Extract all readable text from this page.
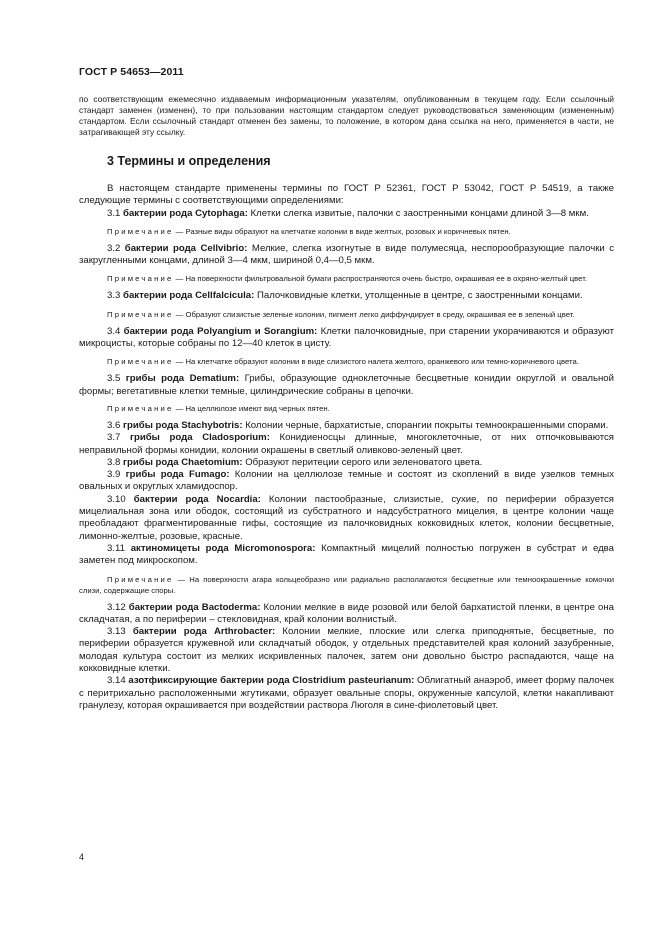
ГОСТ Р 54653—2011

по соответствующим ежемесячно издаваемым информационным указателям, опубликованным в текущем году. Если ссылочный стандарт заменен (изменен), то при пользовании настоящим стандартом следует руководствоваться заменяющим (измененным) стандартом. Если ссылочный стандарт отменен без замены, то положение, в котором дана ссылка на него, применяется в части, не затрагивающей эту ссылку.

3 Термины и определения

В настоящем стандарте применены термины по ГОСТ Р 52361, ГОСТ Р 53042, ГОСТ Р 54519, а также следующие термины с соответствующими определениями:

3.1 бактерии рода Cytophaga: Клетки слегка извитые, палочки с заостренными концами длиной 3—8 мкм.

Примечание — Разные виды образуют на клетчатке колонии в виде желтых, розовых и коричневых пятен.

3.2 бактерии рода Cellvibrio: Мелкие, слегка изогнутые в виде полумесяца, неспорообразующие палочки с закругленными концами, длиной 3—4 мкм, шириной 0,4—0,5 мкм.

Примечание — На поверхности фильтровальной бумаги распространяются очень быстро, окрашивая ее в охряно-желтый цвет.

3.3 бактерии рода Cellfalcicula: Палочковидные клетки, утолщенные в центре, с заостренными концами.

Примечание — Образуют слизистые зеленые колонии, пигмент легко диффундирует в среду, окрашивая ее в зеленый цвет.

3.4 бактерии рода Polyangium и Sorangium: Клетки палочковидные, при старении укорачиваются и образуют микроцисты, которые собраны по 12—40 клеток в цисту.

Примечание — На клетчатке образуют колонии в виде слизистого налета желтого, оранжевого или темно-коричневого цвета.

3.5 грибы рода Dematium: Грибы, образующие одноклеточные бесцветные конидии округлой и овальной формы; вегетативные клетки темные, цилиндрические собраны в цепочки.

Примечание — На целлюлозе имеют вид черных пятен.

3.6 грибы рода Stachybotris: Колонии черные, бархатистые, спорангии покрыты темноокрашенными спорами.

3.7 грибы рода Cladosporium: Конидиеносцы длинные, многоклеточные, от них отпочковываются неправильной формы конидии, колонии окрашены в светлый оливково-зеленый цвет.

3.8 грибы рода Chaetomium: Образуют перитеции серого или зеленоватого цвета.

3.9 грибы рода Fumago: Колонии на целлюлозе темные и состоят из скоплений в виде узелков темных овальных и округлых хламидоспор.

3.10 бактерии рода Nocardia: Колонии пастообразные, слизистые, сухие, по периферии образуется мицелиальная зона или ободок, состоящий из субстратного и надсубстратного мицелия, в центре колонии чаще преобладают фрагментированные гифы, состоящие из палочковидных кокковидных клеток, колонии бесцветные, лимонно-желтые, розовые, красные.

3.11 актиномицеты рода Micromonospora: Компактный мицелий полностью погружен в субстрат и едва заметен под микроскопом.

Примечание — На поверхности агара кольцеобразно или радиально располагаются бесцветные или темноокрашенные комочки слизи, содержащие споры.

3.12 бактерии рода Bactoderma: Колонии мелкие в виде розовой или белой бархатистой пленки, в центре она складчатая, а по периферии – стекловидная, край колонии волнистый.

3.13 бактерии рода Arthrobacter: Колонии мелкие, плоские или слегка приподнятые, бесцветные, по периферии образуется кружевной или складчатый ободок, у отдельных представителей края колоний зазубренные, молодая культура состоит из мелких искривленных палочек, затем они довольно быстро распадаются, чаще на кокковидные клетки.

3.14 азотфиксирующие бактерии рода Clostridium pasteurianum: Облигатный анаэроб, имеет форму палочек с перитрихально расположенными жгутиками, образует овальные споры, окруженные капсулой, клетки накапливают гранулезу, которая окрашивается при воздействии раствора Люголя в сине-фиолетовый цвет.

4
